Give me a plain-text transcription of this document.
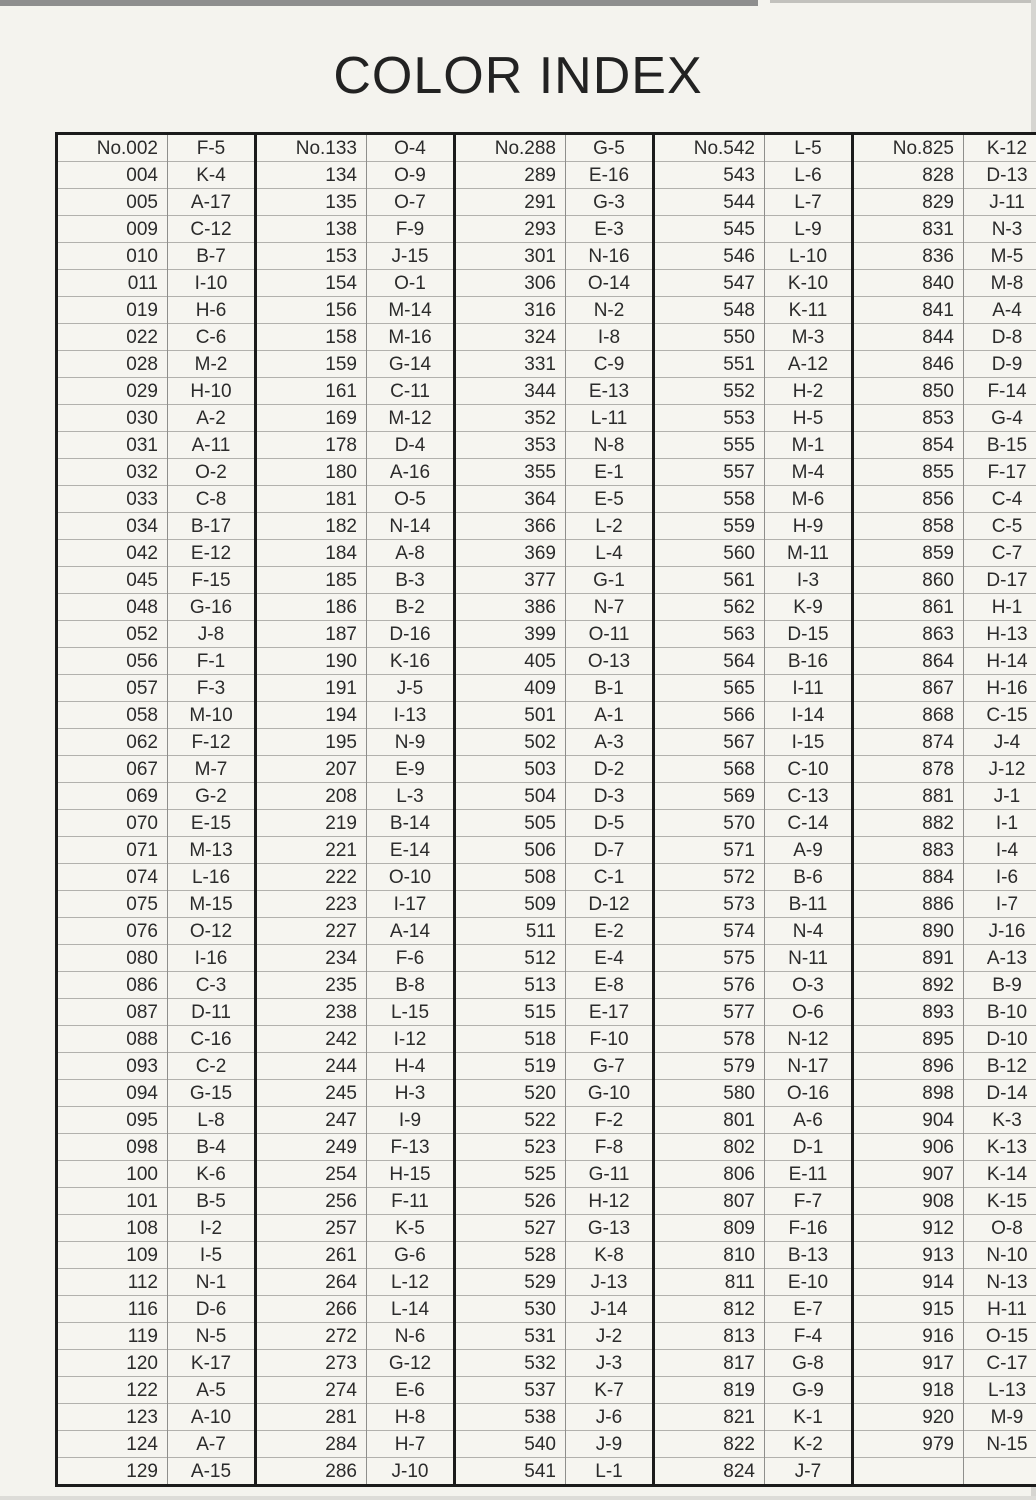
COLOR INDEX
No.002	F-5	No.133	O-4	No.288	G-5	No.542	L-5	No.825	K-12
004	K-4	134	O-9	289	E-16	543	L-6	828	D-13
005	A-17	135	O-7	291	G-3	544	L-7	829	J-11
009	C-12	138	F-9	293	E-3	545	L-9	831	N-3
010	B-7	153	J-15	301	N-16	546	L-10	836	M-5
011	I-10	154	O-1	306	O-14	547	K-10	840	M-8
019	H-6	156	M-14	316	N-2	548	K-11	841	A-4
022	C-6	158	M-16	324	I-8	550	M-3	844	D-8
028	M-2	159	G-14	331	C-9	551	A-12	846	D-9
029	H-10	161	C-11	344	E-13	552	H-2	850	F-14
030	A-2	169	M-12	352	L-11	553	H-5	853	G-4
031	A-11	178	D-4	353	N-8	555	M-1	854	B-15
032	O-2	180	A-16	355	E-1	557	M-4	855	F-17
033	C-8	181	O-5	364	E-5	558	M-6	856	C-4
034	B-17	182	N-14	366	L-2	559	H-9	858	C-5
042	E-12	184	A-8	369	L-4	560	M-11	859	C-7
045	F-15	185	B-3	377	G-1	561	I-3	860	D-17
048	G-16	186	B-2	386	N-7	562	K-9	861	H-1
052	J-8	187	D-16	399	O-11	563	D-15	863	H-13
056	F-1	190	K-16	405	O-13	564	B-16	864	H-14
057	F-3	191	J-5	409	B-1	565	I-11	867	H-16
058	M-10	194	I-13	501	A-1	566	I-14	868	C-15
062	F-12	195	N-9	502	A-3	567	I-15	874	J-4
067	M-7	207	E-9	503	D-2	568	C-10	878	J-12
069	G-2	208	L-3	504	D-3	569	C-13	881	J-1
070	E-15	219	B-14	505	D-5	570	C-14	882	I-1
071	M-13	221	E-14	506	D-7	571	A-9	883	I-4
074	L-16	222	O-10	508	C-1	572	B-6	884	I-6
075	M-15	223	I-17	509	D-12	573	B-11	886	I-7
076	O-12	227	A-14	511	E-2	574	N-4	890	J-16
080	I-16	234	F-6	512	E-4	575	N-11	891	A-13
086	C-3	235	B-8	513	E-8	576	O-3	892	B-9
087	D-11	238	L-15	515	E-17	577	O-6	893	B-10
088	C-16	242	I-12	518	F-10	578	N-12	895	D-10
093	C-2	244	H-4	519	G-7	579	N-17	896	B-12
094	G-15	245	H-3	520	G-10	580	O-16	898	D-14
095	L-8	247	I-9	522	F-2	801	A-6	904	K-3
098	B-4	249	F-13	523	F-8	802	D-1	906	K-13
100	K-6	254	H-15	525	G-11	806	E-11	907	K-14
101	B-5	256	F-11	526	H-12	807	F-7	908	K-15
108	I-2	257	K-5	527	G-13	809	F-16	912	O-8
109	I-5	261	G-6	528	K-8	810	B-13	913	N-10
112	N-1	264	L-12	529	J-13	811	E-10	914	N-13
116	D-6	266	L-14	530	J-14	812	E-7	915	H-11
119	N-5	272	N-6	531	J-2	813	F-4	916	O-15
120	K-17	273	G-12	532	J-3	817	G-8	917	C-17
122	A-5	274	E-6	537	K-7	819	G-9	918	L-13
123	A-10	281	H-8	538	J-6	821	K-1	920	M-9
124	A-7	284	H-7	540	J-9	822	K-2	979	N-15
129	A-15	286	J-10	541	L-1	824	J-7		
